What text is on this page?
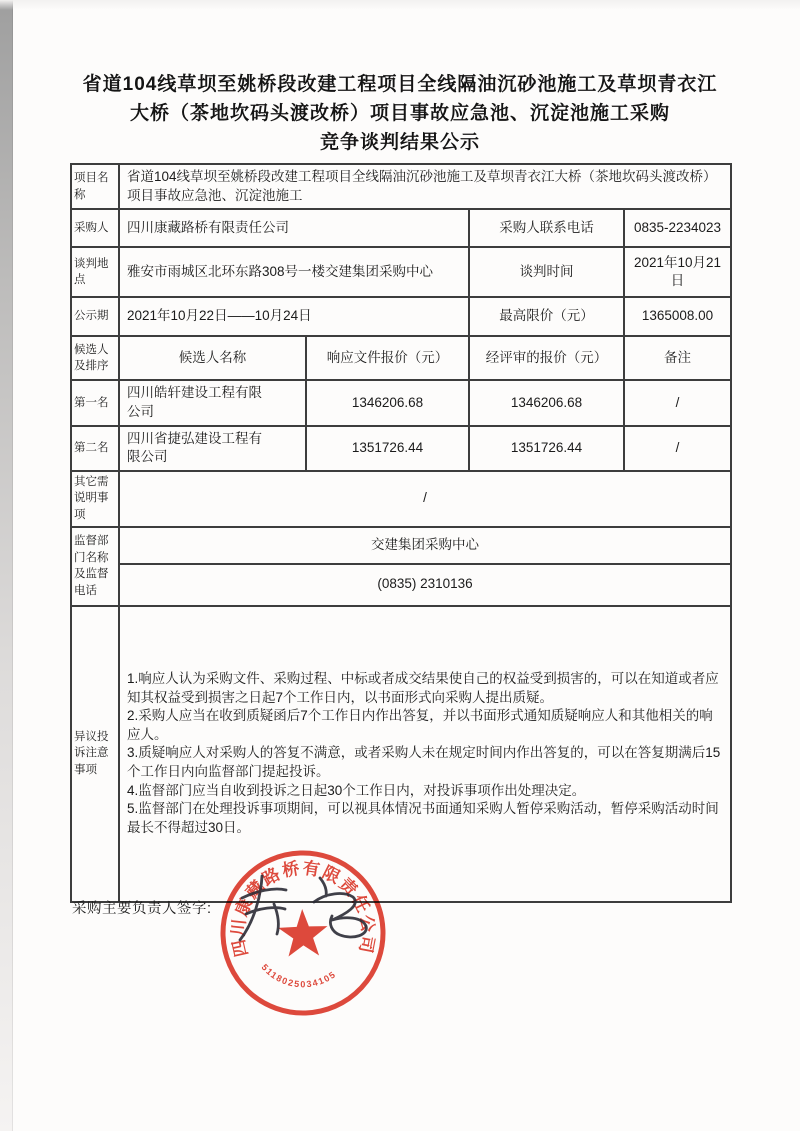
省道104线草坝至姚桥段改建工程项目全线隔油沉砂池施工及草坝青衣江
大桥（茶地坎码头渡改桥）项目事故应急池、沉淀池施工采购
竞争谈判结果公示
项目名称	省道104线草坝至姚桥段改建工程项目全线隔油沉砂池施工及草坝青衣江大桥（茶地坎码头渡改桥）项目事故应急池、沉淀池施工			
采购人	四川康藏路桥有限责任公司		采购人联系电话	0835-2234023
谈判地点	雅安市雨城区北环东路308号一楼交建集团采购中心		谈判时间	2021年10月21日
公示期	2021年10月22日——10月24日		最高限价（元）	1365008.00
候选人及排序	候选人名称	响应文件报价（元）	经评审的报价（元）	备注
第一名	四川皓轩建设工程有限公司	1346206.68	1346206.68	/
第二名	四川省捷弘建设工程有限公司	1351726.44	1351726.44	/
其它需说明事项	/			
监督部门名称及监督电话	交建集团采购中心			
	(0835) 2310136			
异议投诉注意事项	1.响应人认为采购文件、采购过程、中标或者成交结果使自己的权益受到损害的，可以在知道或者应知其权益受到损害之日起7个工作日内，以书面形式向采购人提出质疑。
2.采购人应当在收到质疑函后7个工作日内作出答复，并以书面形式通知质疑响应人和其他相关的响应人。
3.质疑响应人对采购人的答复不满意，或者采购人未在规定时间内作出答复的，可以在答复期满后15个工作日内向监督部门提起投诉。
4.监督部门应当自收到投诉之日起30个工作日内，对投诉事项作出处理决定。
5.监督部门在处理投诉事项期间，可以视具体情况书面通知采购人暂停采购活动，暂停采购活动时间最长不得超过30日。			
采购主要负责人签字:
四川康藏路桥有限责任公司
5118025034105
